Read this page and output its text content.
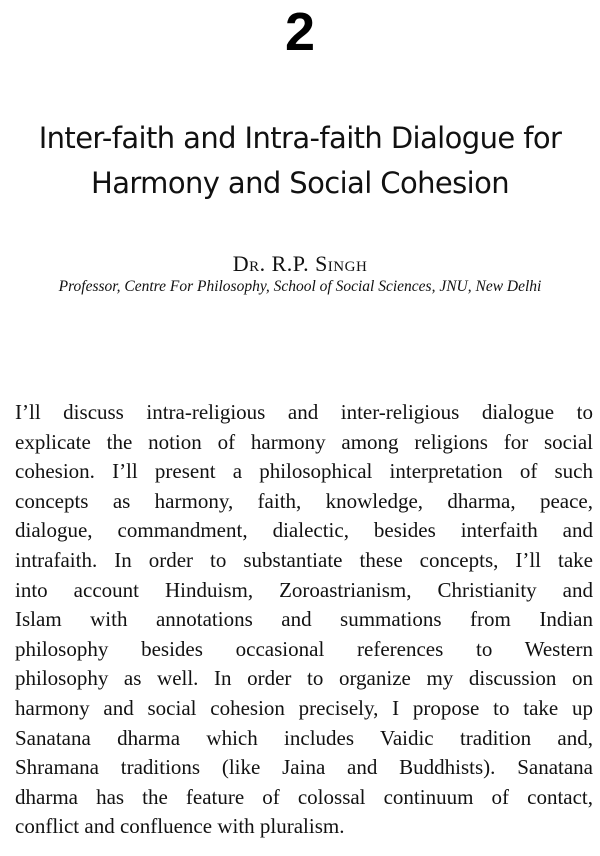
2
Inter-faith and Intra-faith Dialogue for
Harmony and Social Cohesion
Dr. R.P. Singh
Professor, Centre For Philosophy, School of Social Sciences, JNU, New Delhi

I’ll discuss intra-religious and inter-religious dialogue to
explicate the notion of harmony among religions for social
cohesion. I’ll present a philosophical interpretation of such
concepts as harmony, faith, knowledge, dharma, peace,
dialogue, commandment, dialectic, besides interfaith and
intrafaith. In order to substantiate these concepts, I’ll take
into account Hinduism, Zoroastrianism, Christianity and
Islam with annotations and summations from Indian
philosophy besides occasional references to Western
philosophy as well. In order to organize my discussion on
harmony and social cohesion precisely, I propose to take up
Sanatana dharma which includes Vaidic tradition and,
Shramana traditions (like Jaina and Buddhists). Sanatana
dharma has the feature of colossal continuum of contact,
conflict and confluence with pluralism.
